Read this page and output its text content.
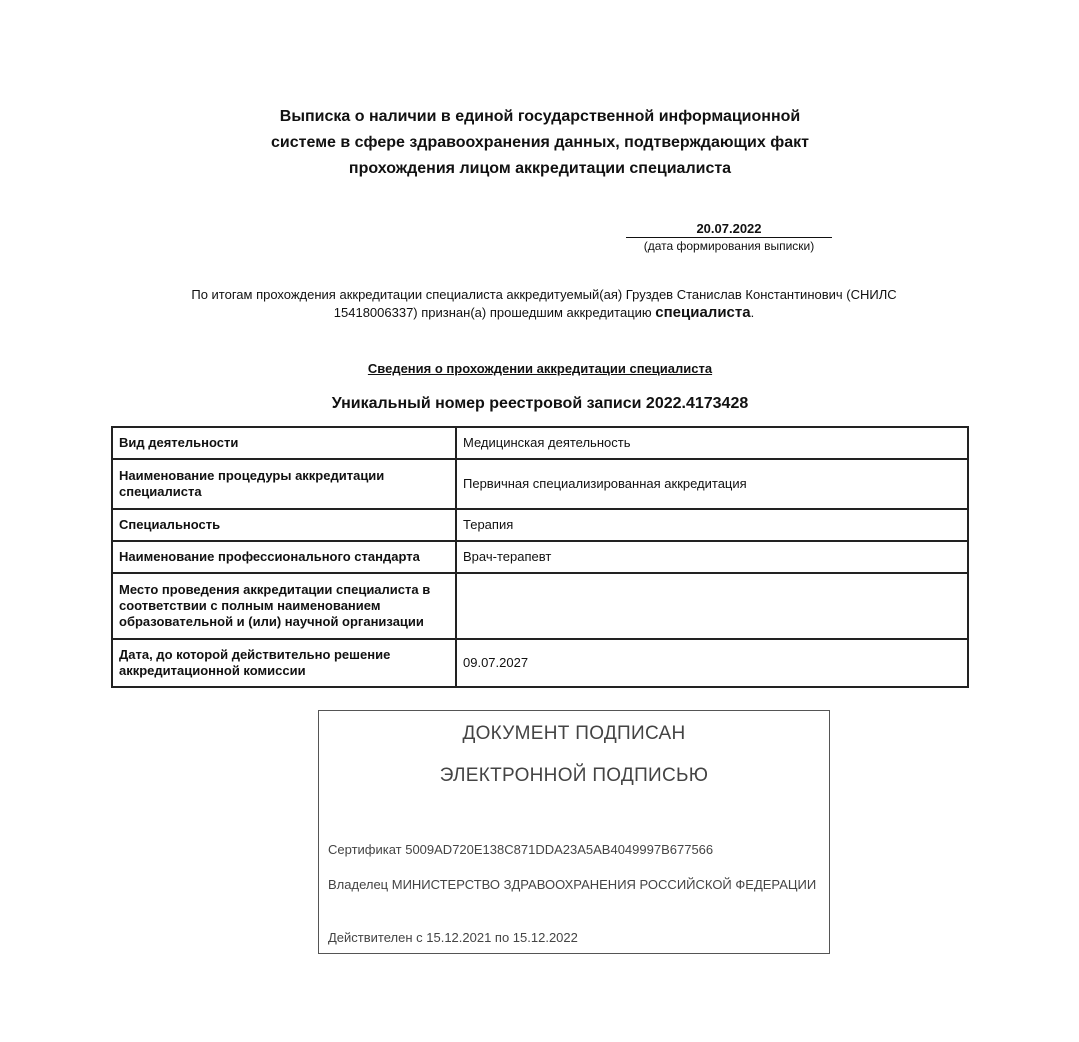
Выписка о наличии в единой государственной информационной
системе в сфере здравоохранения данных, подтверждающих факт
прохождения лицом аккредитации специалиста
20.07.2022
(дата формирования выписки)
По итогам прохождения аккредитации специалиста аккредитуемый(ая) Груздев Станислав Константинович (СНИЛС
15418006337) признан(а) прошедшим аккредитацию специалиста.
Сведения о прохождении аккредитации специалиста
Уникальный номер реестровой записи 2022.4173428
Вид деятельности	Медицинская деятельность
Наименование процедуры аккредитации специалиста	Первичная специализированная аккредитация
Специальность	Терапия
Наименование профессионального стандарта	Врач-терапевт
Место проведения аккредитации специалиста в соответствии с полным наименованием образовательной и (или) научной организации	
Дата, до которой действительно решение аккредитационной комиссии	09.07.2027
ДОКУМЕНТ ПОДПИСАН
ЭЛЕКТРОННОЙ ПОДПИСЬЮ
Сертификат 5009AD720E138C871DDA23A5AB4049997B677566
Владелец МИНИСТЕРСТВО ЗДРАВООХРАНЕНИЯ РОССИЙСКОЙ ФЕДЕРАЦИИ
Действителен с 15.12.2021 по 15.12.2022
